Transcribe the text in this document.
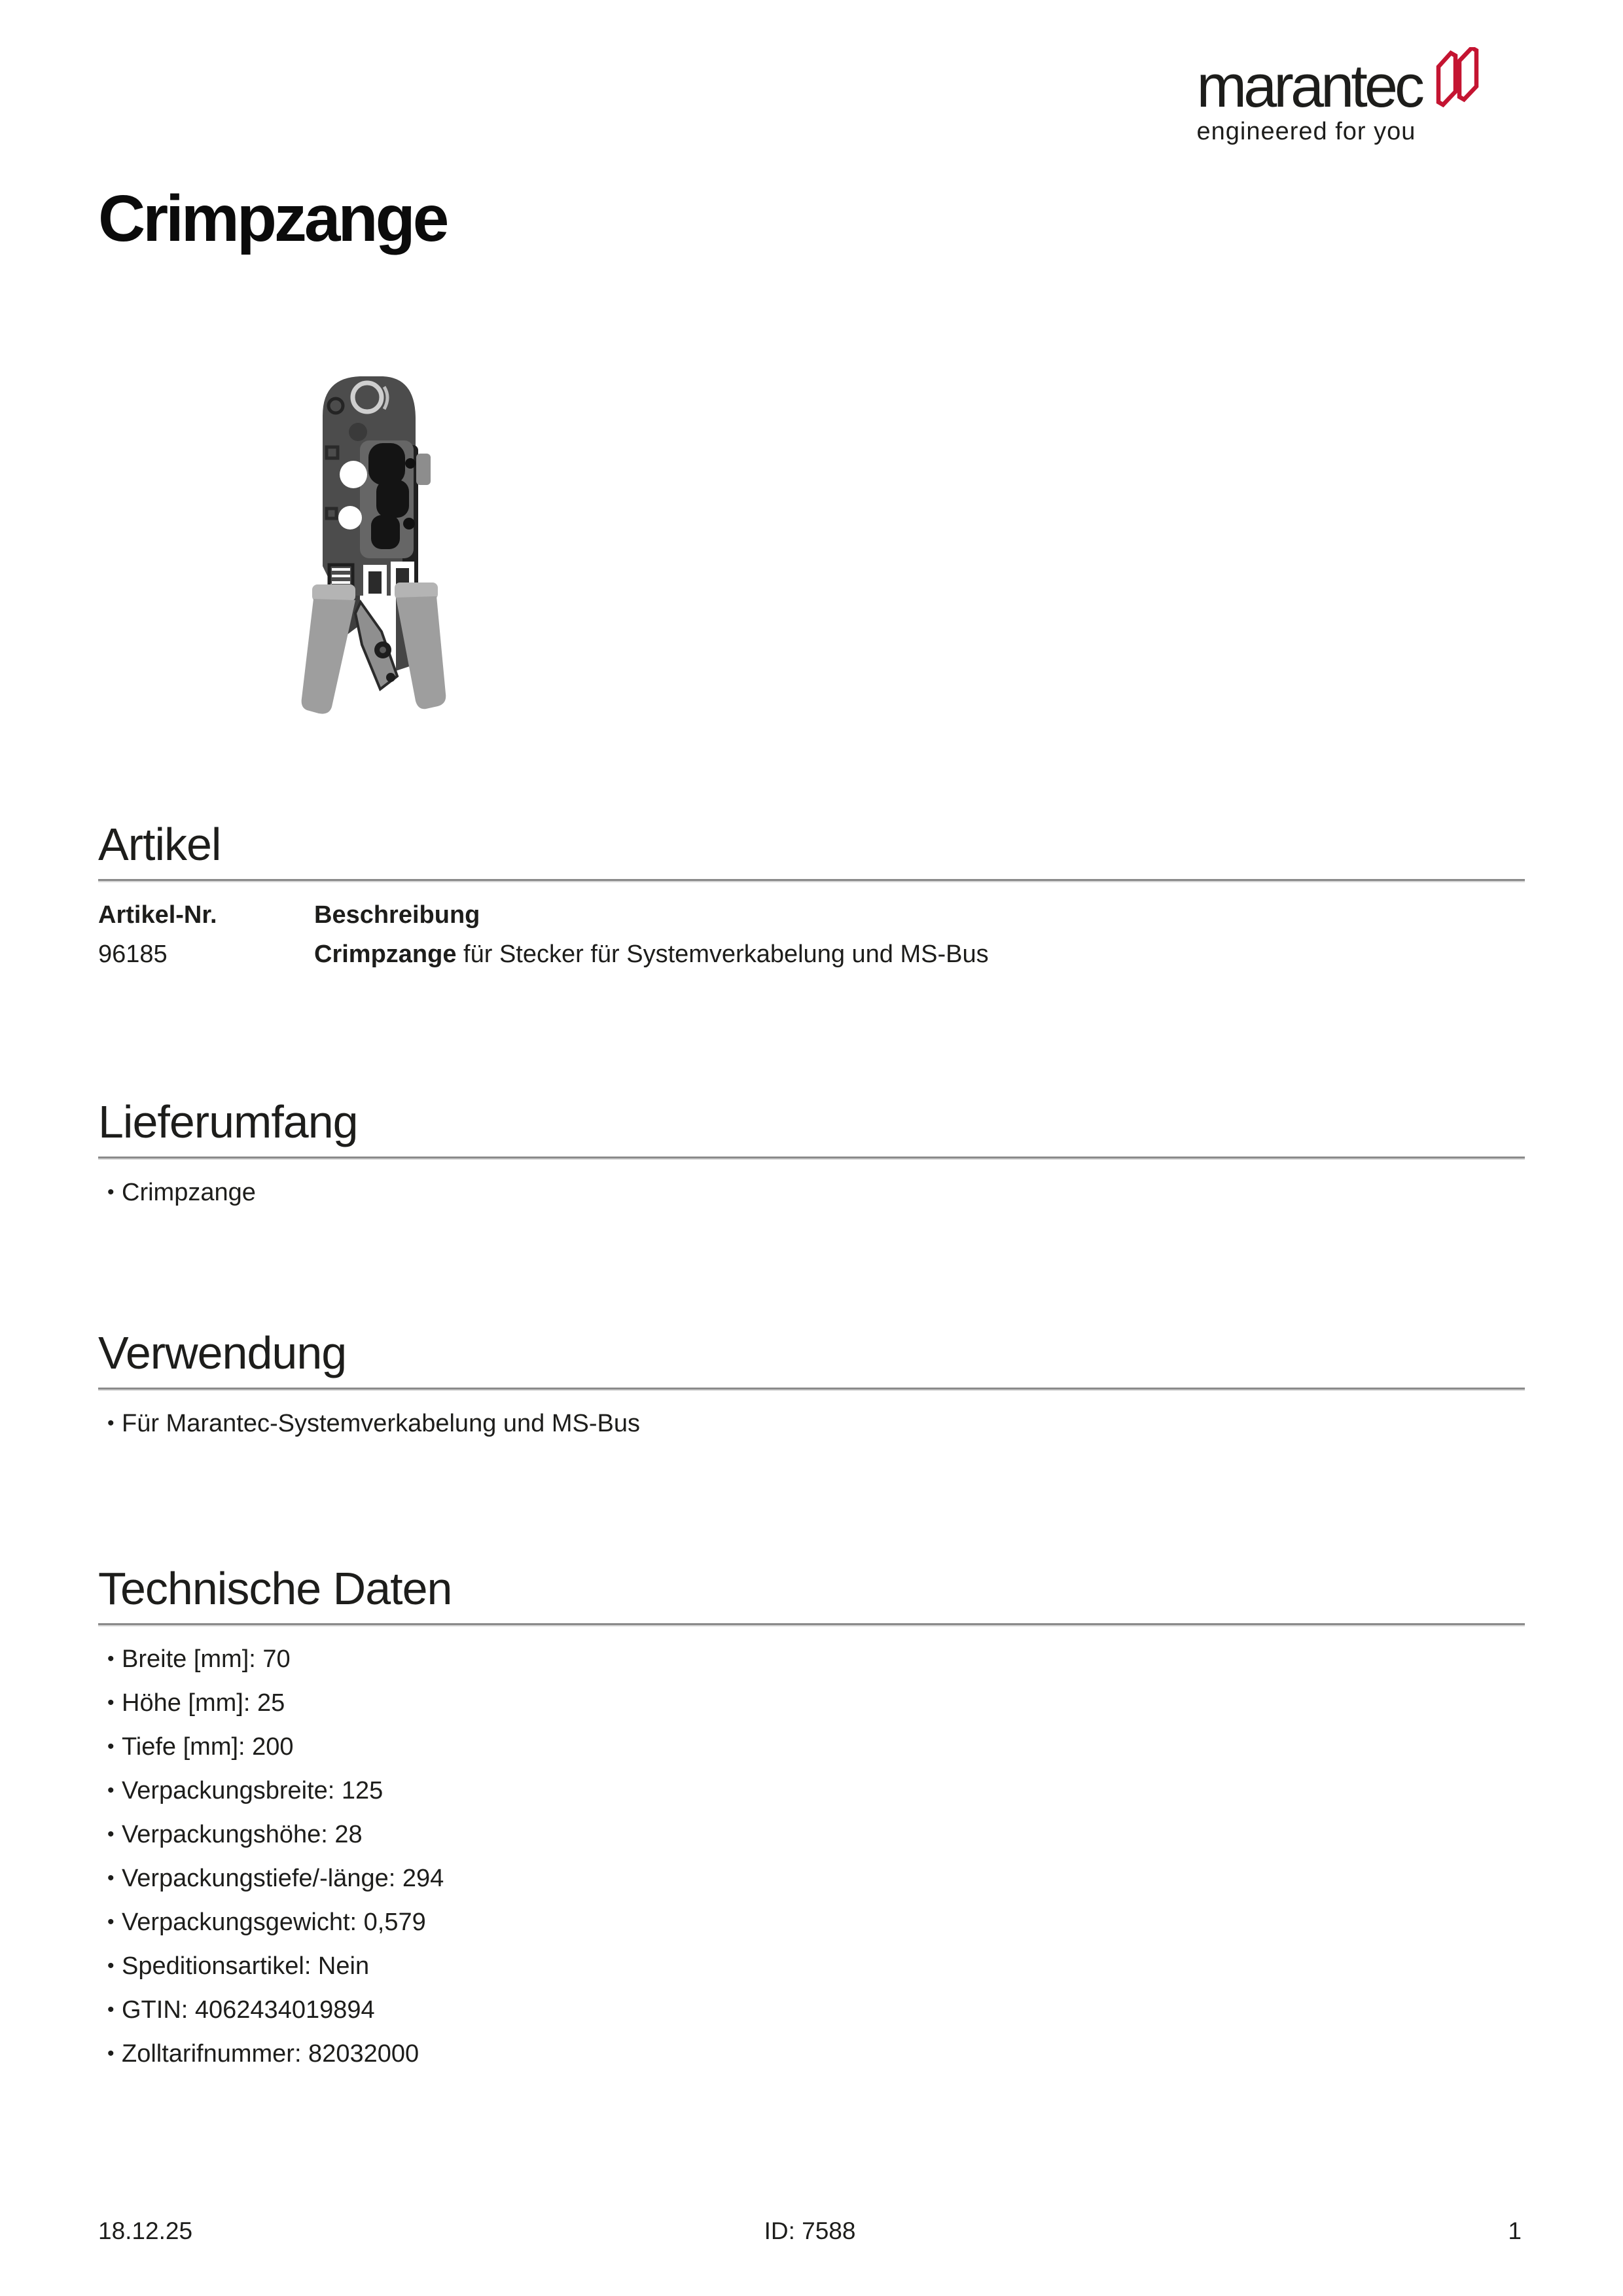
marantec
engineered for you
Crimpzange
Artikel
Artikel-Nr.	Beschreibung
96185	Crimpzange für Stecker für Systemverkabelung und MS-Bus
Lieferumfang
• Crimpzange
Verwendung
• Für Marantec-Systemverkabelung und MS-Bus
Technische Daten
• Breite [mm]: 70
• Höhe [mm]: 25
• Tiefe [mm]: 200
• Verpackungsbreite: 125
• Verpackungshöhe: 28
• Verpackungstiefe/-länge: 294
• Verpackungsgewicht: 0,579
• Speditionsartikel: Nein
• GTIN: 4062434019894
• Zolltarifnummer: 82032000
18.12.25	ID: 7588	1
